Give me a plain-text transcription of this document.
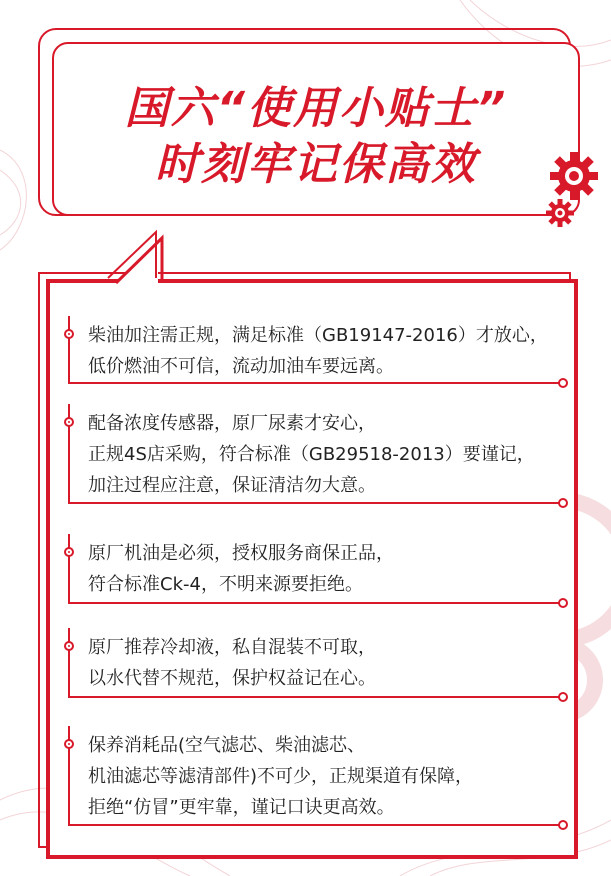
国六“使用小贴士”
时刻牢记保高效
柴油加注需正规，满足标准（GB19147-2016）才放心，
低价燃油不可信，流动加油车要远离。
配备浓度传感器，原厂尿素才安心，
正规4S店采购，符合标准（GB29518-2013）要谨记，
加注过程应注意，保证清洁勿大意。
原厂机油是必须，授权服务商保正品，
符合标准Ck-4，不明来源要拒绝。
原厂推荐冷却液，私自混装不可取，
以水代替不规范，保护权益记在心。
保养消耗品(空气滤芯、柴油滤芯、
机油滤芯等滤清部件)不可少，正规渠道有保障，
拒绝“仿冒”更牢靠，谨记口诀更高效。
